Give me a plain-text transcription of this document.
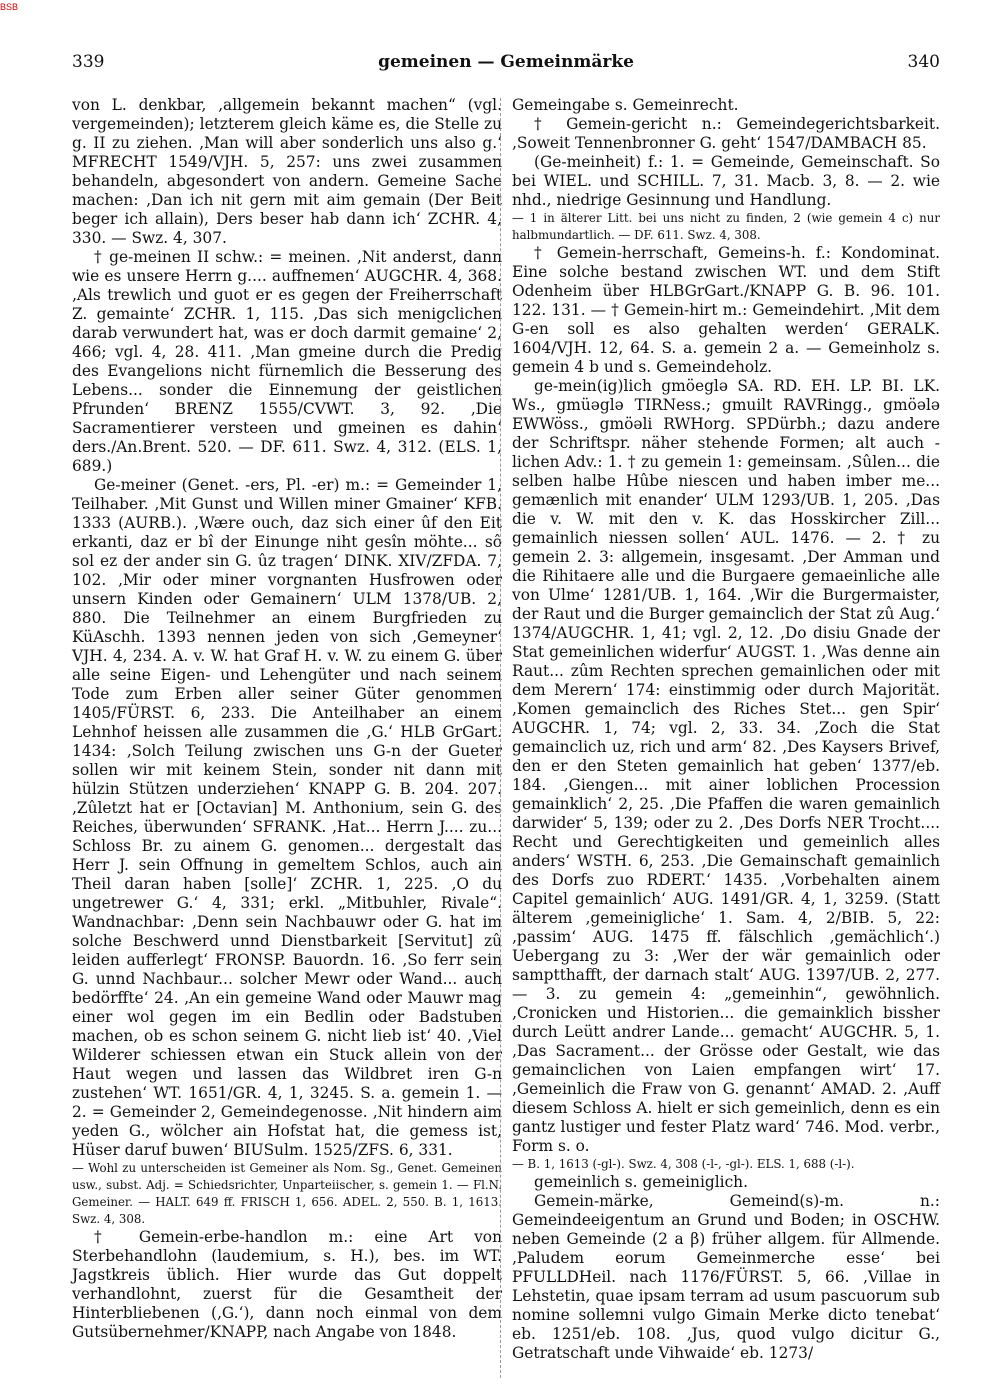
BSB
339	gemeinen — Gemeinmärke	340

von L. denkbar, ‚allgemein bekannt machen“ (vgl. vergemeinden); letzterem gleich käme es, die Stelle zu g. II zu ziehen. ‚Man will aber sonderlich uns also g.‘ MFRECHT 1549/VJH. 5, 257: uns zwei zusammen behandeln, abgesondert von andern. Gemeine Sache machen: ‚Dan ich nit gern mit aim gemain (Der Beit beger ich allain), Ders beser hab dann ich‘ ZCHR. 4, 330. — Swz. 4, 307.

† ge-meinen II schw.: = meinen. ‚Nit anderst, dann wie es unsere Herrn g.... auffnemen‘ AUGCHR. 4, 368. ‚Als trewlich und guot er es gegen der Freiherrschaft Z. gemainte‘ ZCHR. 1, 115. ‚Das sich menigclichen darab verwundert hat, was er doch darmit gemaine‘ 2, 466; vgl. 4, 28. 411. ‚Man gmeine durch die Predig des Evangelions nicht fürnemlich die Besserung des Lebens... sonder die Einnemung der geistlichen Pfrunden‘ BRENZ 1555/CVWT. 3, 92. ‚Die Sacramentierer versteen und gmeinen es dahin‘ ders./An.Brent. 520. — DF. 611. Swz. 4, 312. (ELS. 1, 689.)

Ge-meiner (Genet. -ers, Pl. -er) m.: = Gemeinder 1, Teilhaber. ‚Mit Gunst und Willen miner Gmainer‘ KFB. 1333 (AURB.). ‚Wære ouch, daz sich einer ûf den Eit erkanti, daz er bî der Einunge niht gesîn möhte... sô sol ez der ander sin G. ûz tragen‘ DINK. XIV/ZFDA. 7, 102. ‚Mir oder miner vorgnanten Husfrowen oder unsern Kinden oder Gemainern‘ ULM 1378/UB. 2, 880. Die Teilnehmer an einem Burgfrieden zu KüAschh. 1393 nennen jeden von sich ‚Gemeyner‘ VJH. 4, 234. A. v. W. hat Graf H. v. W. zu einem G. über alle seine Eigen- und Lehengüter und nach seinem Tode zum Erben aller seiner Güter genommen 1405/FÜRST. 6, 233. Die Anteilhaber an einem Lehnhof heissen alle zusammen die ‚G.‘ HLB GrGart. 1434: ‚Solch Teilung zwischen uns G-n der Gueter sollen wir mit keinem Stein, sonder nit dann mit hülzin Stützen underziehen‘ KNAPP G. B. 204. 207. ‚Zûletzt hat er [Octavian] M. Anthonium, sein G. des Reiches, überwunden‘ SFRANK. ‚Hat... Herrn J.... zu... Schloss Br. zu ainem G. genomen... dergestalt das Herr J. sein Offnung in gemeltem Schlos, auch ain Theil daran haben [solle]‘ ZCHR. 1, 225. ‚O du ungetrewer G.‘ 4, 331; erkl. „Mitbuhler, Rivale“. Wandnachbar: ‚Denn sein Nachbauwr oder G. hat im solche Beschwerd unnd Dienstbarkeit [Servitut] zû leiden aufferlegt‘ FRONSP. Bauordn. 16. ‚So ferr sein G. unnd Nachbaur... solcher Mewr oder Wand... auch bedörffte‘ 24. ‚An ein gemeine Wand oder Mauwr mag einer wol gegen im ein Bedlin oder Badstuben machen, ob es schon seinem G. nicht lieb ist‘ 40. ‚Viel Wilderer schiessen etwan ein Stuck allein von der Haut wegen und lassen das Wildbret iren G-n zustehen‘ WT. 1651/GR. 4, 1, 3245. S. a. gemein 1. — 2. = Gemeinder 2, Gemeindegenosse. ‚Nit hindern aim yeden G., wölcher ain Hofstat hat, die gemess ist, Hüser daruf buwen‘ BIUSulm. 1525/ZFS. 6, 331.

— Wohl zu unterscheiden ist Gemeiner als Nom. Sg., Genet. Gemeinen usw., subst. Adj. = Schiedsrichter, Unparteiischer, s. gemein 1. — Fl.N. Gemeiner. — HALT. 649 ff. FRISCH 1, 656. ADEL. 2, 550. B. 1, 1613. Swz. 4, 308.

† Gemein-erbe-handlon m.: eine Art von Sterbehandlohn (laudemium, s. H.), bes. im WT. Jagstkreis üblich. Hier wurde das Gut doppelt verhandlohnt, zuerst für die Gesamtheit der Hinterbliebenen (‚G.‘), dann noch einmal von dem Gutsübernehmer/KNAPP, nach Angabe von 1848.

Gemeingabe s. Gemeinrecht.

† Gemein-gericht n.: Gemeindegerichtsbarkeit. ‚Soweit Tennenbronner G. geht‘ 1547/DAMBACH 85.

(Ge-meinheit) f.: 1. = Gemeinde, Gemeinschaft. So bei WIEL. und SCHILL. 7, 31. Macb. 3, 8. — 2. wie nhd., niedrige Gesinnung und Handlung.

— 1 in älterer Litt. bei uns nicht zu finden, 2 (wie gemein 4 c) nur halbmundartlich. — DF. 611. Swz. 4, 308.

† Gemein-herrschaft, Gemeins-h. f.: Kondominat. Eine solche bestand zwischen WT. und dem Stift Odenheim über HLBGrGart./KNAPP G. B. 96. 101. 122. 131. — † Gemein-hirt m.: Gemeindehirt. ‚Mit dem G-en soll es also gehalten werden‘ GERALK. 1604/VJH. 12, 64. S. a. gemein 2 a. — Gemeinholz s. gemein 4 b und s. Gemeindeholz.

ge-mein(ig)lich gmöeglə SA. RD. EH. LP. BI. LK. Ws., gmüəglə TIRNess.; gmuilt RAVRingg., gmöələ EWWöss., gmöəli RWHorg. SPDürbh.; dazu andere der Schriftspr. näher stehende Formen; alt auch -lichen Adv.: 1. † zu gemein 1: gemeinsam. ‚Sûlen... die selben halbe Hûbe niescen und haben imber me... gemænlich mit enander‘ ULM 1293/UB. 1, 205. ‚Das die v. W. mit den v. K. das Hosskircher Zill... gemainlich niessen sollen‘ AUL. 1476. — 2. † zu gemein 2. 3: allgemein, insgesamt. ‚Der Amman und die Rihitaere alle und die Burgaere gemaeinliche alle von Ulme‘ 1281/UB. 1, 164. ‚Wir die Burgermaister, der Raut und die Burger gemainclich der Stat zû Aug.‘ 1374/AUGCHR. 1, 41; vgl. 2, 12. ‚Do disiu Gnade der Stat gemeinlichen widerfur‘ AUGST. 1. ‚Was denne ain Raut... zûm Rechten sprechen gemainlichen oder mit dem Merern‘ 174: einstimmig oder durch Majorität. ‚Komen gemainclich des Riches Stet... gen Spir‘ AUGCHR. 1, 74; vgl. 2, 33. 34. ‚Zoch die Stat gemainclich uz, rich und arm‘ 82. ‚Des Kaysers Brivef, den er den Steten gemainlich hat geben‘ 1377/eb. 184. ‚Giengen... mit ainer loblichen Procession gemainklich‘ 2, 25. ‚Die Pfaffen die waren gemainlich darwider‘ 5, 139; oder zu 2. ‚Des Dorfs NER Trocht.... Recht und Gerechtigkeiten und gemeinlich alles anders‘ WSTH. 6, 253. ‚Die Gemainschaft gemainlich des Dorfs zuo RDERT.‘ 1435. ‚Vorbehalten ainem Capitel gemainlich‘ AUG. 1491/GR. 4, 1, 3259. (Statt älterem ‚gemeinigliche‘ 1. Sam. 4, 2/BIB. 5, 22: ‚passim‘ AUG. 1475 ff. fälschlich ‚gemächlich‘.) Uebergang zu 3: ‚Wer der wär gemainlich oder samptthafft, der darnach stalt‘ AUG. 1397/UB. 2, 277. — 3. zu gemein 4: „gemeinhin“, gewöhnlich. ‚Cronicken und Historien... die gemainklich bissher durch Leütt andrer Lande... gemacht‘ AUGCHR. 5, 1. ‚Das Sacrament... der Grösse oder Gestalt, wie das gemainclichen von Laien empfangen wirt‘ 17. ‚Gemeinlich die Fraw von G. genannt‘ AMAD. 2. ‚Auff diesem Schloss A. hielt er sich gemeinlich, denn es ein gantz lustiger und fester Platz ward‘ 746. Mod. verbr., Form s. o.

— B. 1, 1613 (-gl-). Swz. 4, 308 (-l-, -gl-). ELS. 1, 688 (-l-).

gemeinlich s. gemeiniglich.

Gemein-märke, Gemeind(s)-m. n.: Gemeindeeigentum an Grund und Boden; in OSCHW. neben Gemeinde (2 a β) früher allgem. für Allmende. ‚Paludem eorum Gemeinmerche esse‘ bei PFULLDHeil. nach 1176/FÜRST. 5, 66. ‚Villae in Lehstetin, quae ipsam terram ad usum pascuorum sub nomine sollemni vulgo Gimain Merke dicto tenebat‘ eb. 1251/eb. 108. ‚Jus, quod vulgo dicitur G., Getratschaft unde Vihwaide‘ eb. 1273/
